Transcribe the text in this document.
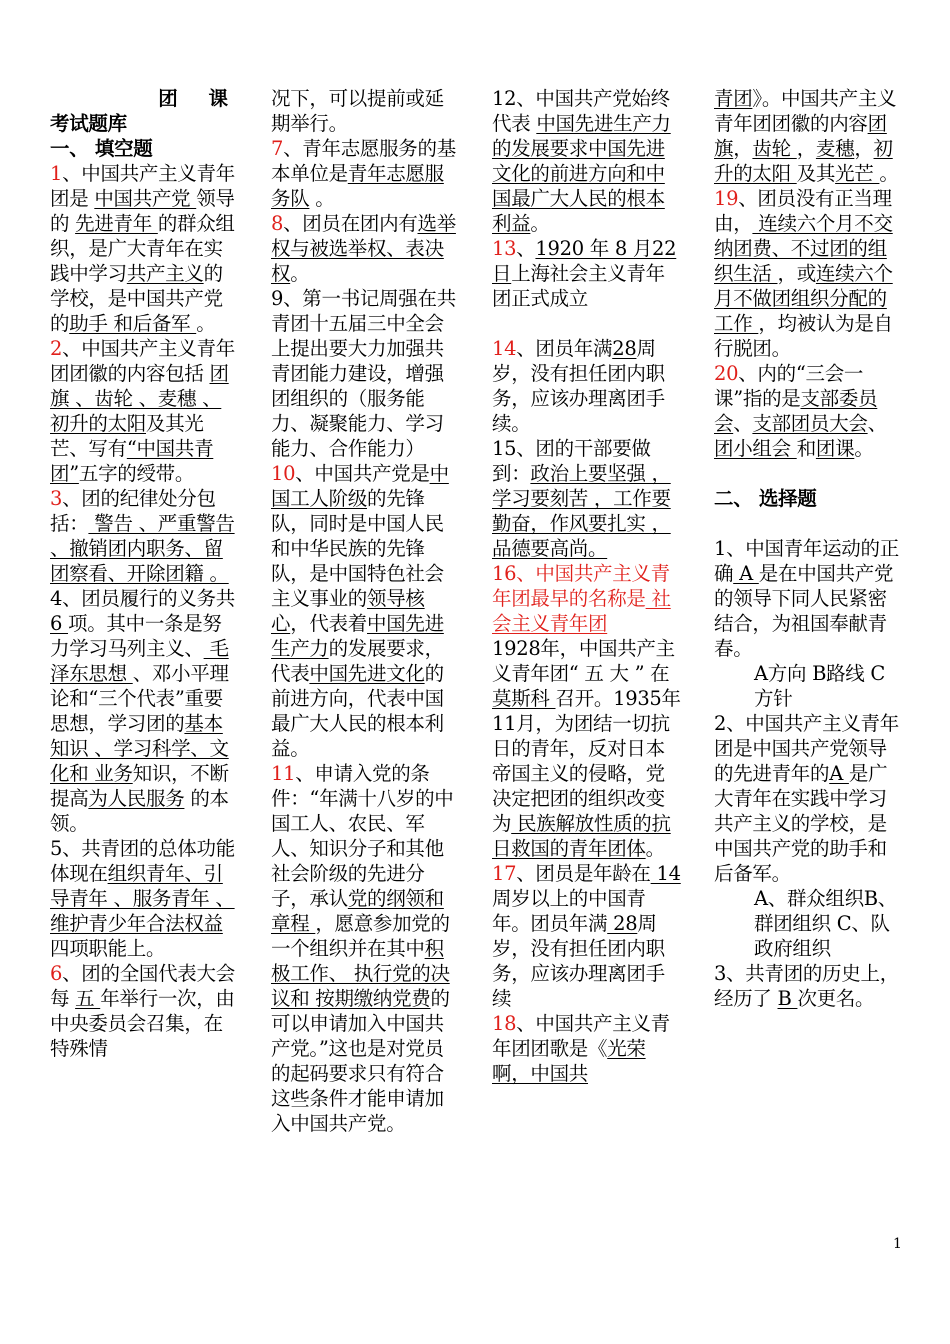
团 课

考试题库

一、 填空题

1、中国共产主义青年团是 中国共产党 领导的 先进青年 的群众组织，是广大青年在实践中学习共产主义的学校，是中国共产党的助手 和后备军 。

2、中国共产主义青年团团徽的内容包括 团旗 、齿轮 、麦穗 、初升的太阳及其光芒、写有“中国共青团”五字的绶带。

3、团的纪律处分包括： 警告 、严重警告 、撤销团内职务、留团察看、开除团籍 。

4、团员履行的义务共 6 项。其中一条是努力学习马列主义、 毛泽东思想 、邓小平理论和“三个代表”重要思想，学习团的基本知识 、学习科学、文化和 业务知识，不断提高为人民服务 的本领。

5、共青团的总体功能体现在组织青年、引导青年 、服务青年 、维护青少年合法权益 四项职能上。

6、团的全国代表大会每 五 年举行一次，由中央委员会召集，在特殊情

况下，可以提前或延期举行。

7、青年志愿服务的基本单位是青年志愿服务队 。

8、团员在团内有选举权与被选举权、表决权。

9、第一书记周强在共青团十五届三中全会上提出要大力加强共青团能力建设，增强团组织的（服务能力、凝聚能力、学习能力、合作能力）

10、中国共产党是中国工人阶级的先锋队，同时是中国人民和中华民族的先锋队，是中国特色社会主义事业的领导核心，代表着中国先进生产力的发展要求，代表中国先进文化的前进方向，代表中国最广大人民的根本利益。

11、申请入党的条件：“年满十八岁的中国工人、农民、军人、知识分子和其他社会阶级的先进分子，承认党的纲领和 章程 ，愿意参加党的一个组织并在其中积极工作、 执行党的决议和 按期缴纳党费的可以申请加入中国共产党。”这也是对党员的起码要求只有符合这些条件才能申请加入中国共产党。

12、中国共产党始终代表 中国先进生产力的发展要求中国先进文化的前进方向和中国最广大人民的根本利益。

13、1920 年 8 月22 日上海社会主义青年团正式成立

14、团员年满28周岁，没有担任团内职务，应该办理离团手续。

15、团的干部要做到：政治上要坚强 ，学习要刻苦 ，工作要勤奋，作风要扎实 ，品德要高尚。

16、中国共产主义青年团最早的名称是 社会主义青年团

1928年，中国共产主义青年团“ 五 大 ” 在莫斯科 召开。1935年11月，为团结一切抗日的青年，反对日本帝国主义的侵略，党决定把团的组织改变为 民族解放性质的抗日救国的青年团体。

17、团员是年龄在 14 周岁以上的中国青年。团员年满 28周岁，没有担任团内职务，应该办理离团手续

18、中国共产主义青年团团歌是《光荣啊，中国共

青团》。中国共产主义青年团团徽的内容团旗，齿轮 ，麦穗，初升的太阳 及其光芒 。

19、团员没有正当理由， 连续六个月不交纳团费、不过团的组织生活 ，或连续六个月不做团组织分配的工作 ，均被认为是自行脱团。

20、内的“三会一课”指的是支部委员会、支部团员大会、 团小组会 和团课。

二、 选择题

1、中国青年运动的正确 A 是在中国共产党的领导下同人民紧密结合，为祖国奉献青春。

A方向 B路线 C方针

2、中国共产主义青年团是中国共产党领导的先进青年的A 是广大青年在实践中学习共产主义的学校，是中国共产党的助手和后备军。

A、群众组织B、群团组织 C、队政府组织

3、共青团的历史上，经历了 B 次更名。

1
